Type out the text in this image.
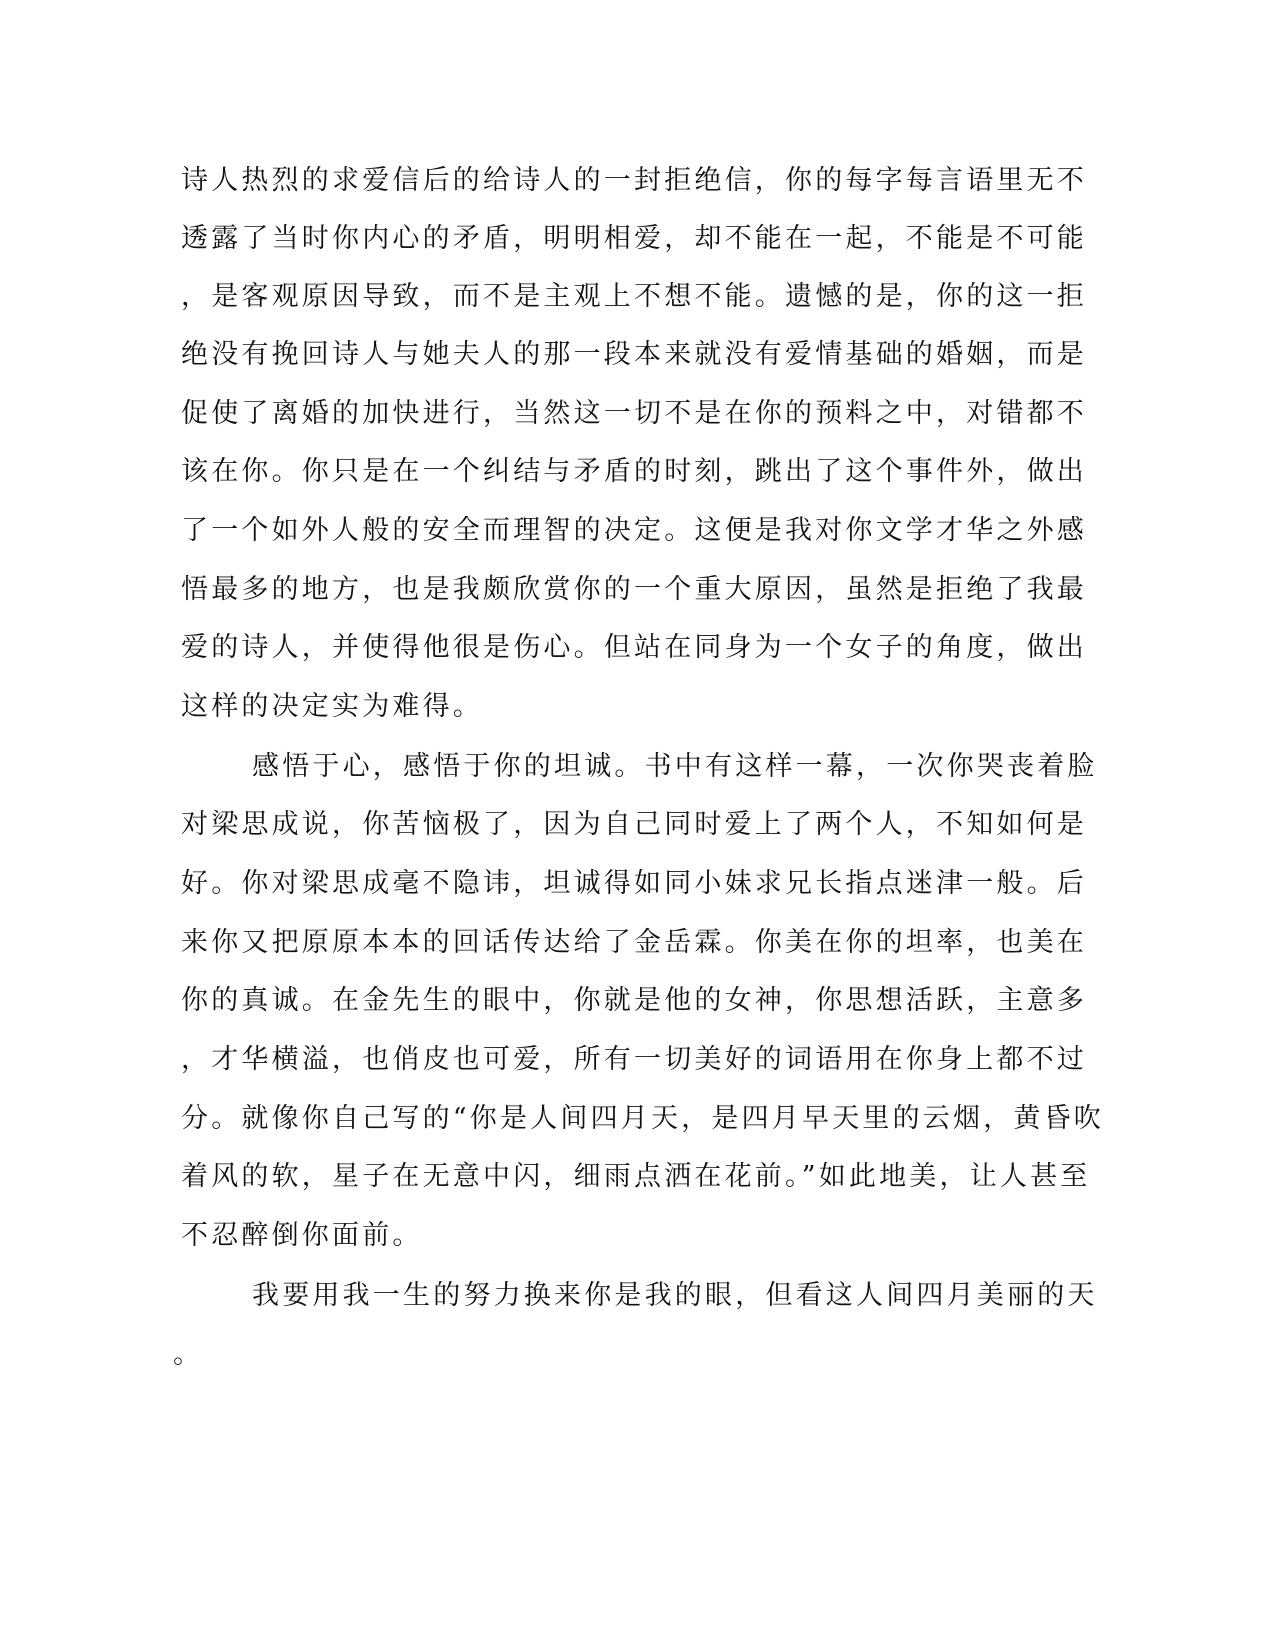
诗人热烈的求爱信后的给诗人的一封拒绝信，你的每字每言语里无不
透露了当时你内心的矛盾，明明相爱，却不能在一起，不能是不可能
，是客观原因导致，而不是主观上不想不能。遗憾的是，你的这一拒
绝没有挽回诗人与她夫人的那一段本来就没有爱情基础的婚姻，而是
促使了离婚的加快进行，当然这一切不是在你的预料之中，对错都不
该在你。你只是在一个纠结与矛盾的时刻，跳出了这个事件外，做出
了一个如外人般的安全而理智的决定。这便是我对你文学才华之外感
悟最多的地方，也是我颇欣赏你的一个重大原因，虽然是拒绝了我最
爱的诗人，并使得他很是伤心。但站在同身为一个女子的角度，做出
这样的决定实为难得。
感悟于心，感悟于你的坦诚。书中有这样一幕，一次你哭丧着脸
对梁思成说，你苦恼极了，因为自己同时爱上了两个人，不知如何是
好。你对梁思成毫不隐讳，坦诚得如同小妹求兄长指点迷津一般。后
来你又把原原本本的回话传达给了金岳霖。你美在你的坦率，也美在
你的真诚。在金先生的眼中，你就是他的女神，你思想活跃，主意多
，才华横溢，也俏皮也可爱，所有一切美好的词语用在你身上都不过
分。就像你自己写的“你是人间四月天，是四月早天里的云烟，黄昏吹
着风的软，星子在无意中闪，细雨点洒在花前。”如此地美，让人甚至
不忍醉倒你面前。
我要用我一生的努力换来你是我的眼，但看这人间四月美丽的天
。
